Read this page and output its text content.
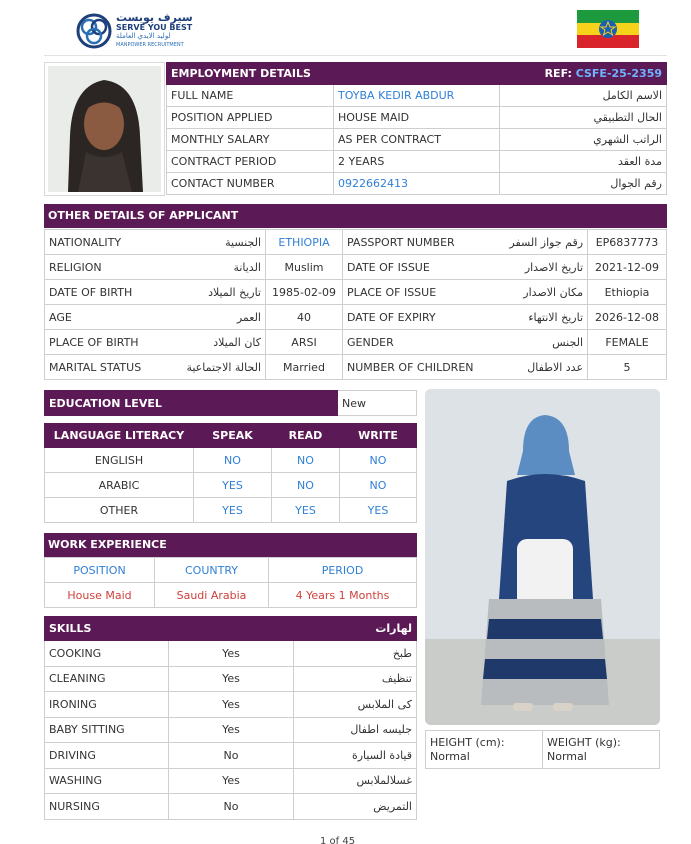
سيرف يوبست
SERVE YOU BEST
لوليد الايدي العاملة
MANPOWER RECRUITMENT
EMPLOYMENT DETAILS	REF: CSFE-25-2359	
FULL NAME	TOYBA KEDIR ABDUR	الاسم الكامل
POSITION APPLIED	HOUSE MAID	الحال التطبيقي
MONTHLY SALARY	AS PER CONTRACT	الراتب الشهري
CONTRACT PERIOD	2 YEARS	مدة العقد
CONTACT NUMBER	0922662413	رقم الجوال
OTHER DETAILS OF APPLICANT
NATIONALITY	الجنسية	ETHIOPIA	PASSPORT NUMBER	رقم جواز السفر	EP6837773
RELIGION	الديانة	Muslim	DATE OF ISSUE	تاريخ الاصدار	2021-12-09
DATE OF BIRTH	تاريخ الميلاد	1985-02-09	PLACE OF ISSUE	مكان الاصدار	Ethiopia
AGE	العمر	40	DATE OF EXPIRY	تاريخ الانتهاء	2026-12-08
PLACE OF BIRTH	كان الميلاد	ARSI	GENDER	الجنس	FEMALE
MARITAL STATUS	الحالة الاجتماعية	Married	NUMBER OF CHILDREN	عدد الاطفال	5
EDUCATION LEVEL	New
LANGUAGE LITERACY	SPEAK	READ	WRITE
ENGLISH	NO	NO	NO
ARABIC	YES	NO	NO
OTHER	YES	YES	YES
WORK EXPERIENCE
POSITION	COUNTRY	PERIOD
House Maid	Saudi Arabia	4 Years 1 Months
SKILLS		لهارات
COOKING	Yes	طبخ
CLEANING	Yes	تنظيف
IRONING	Yes	كى الملابس
BABY SITTING	Yes	جليسه اطفال
DRIVING	No	قيادة السيارة
WASHING	Yes	غسلالملابس
NURSING	No	التمريض
HEIGHT (cm):
Normal

WEIGHT (kg):
Normal
1 of 45
